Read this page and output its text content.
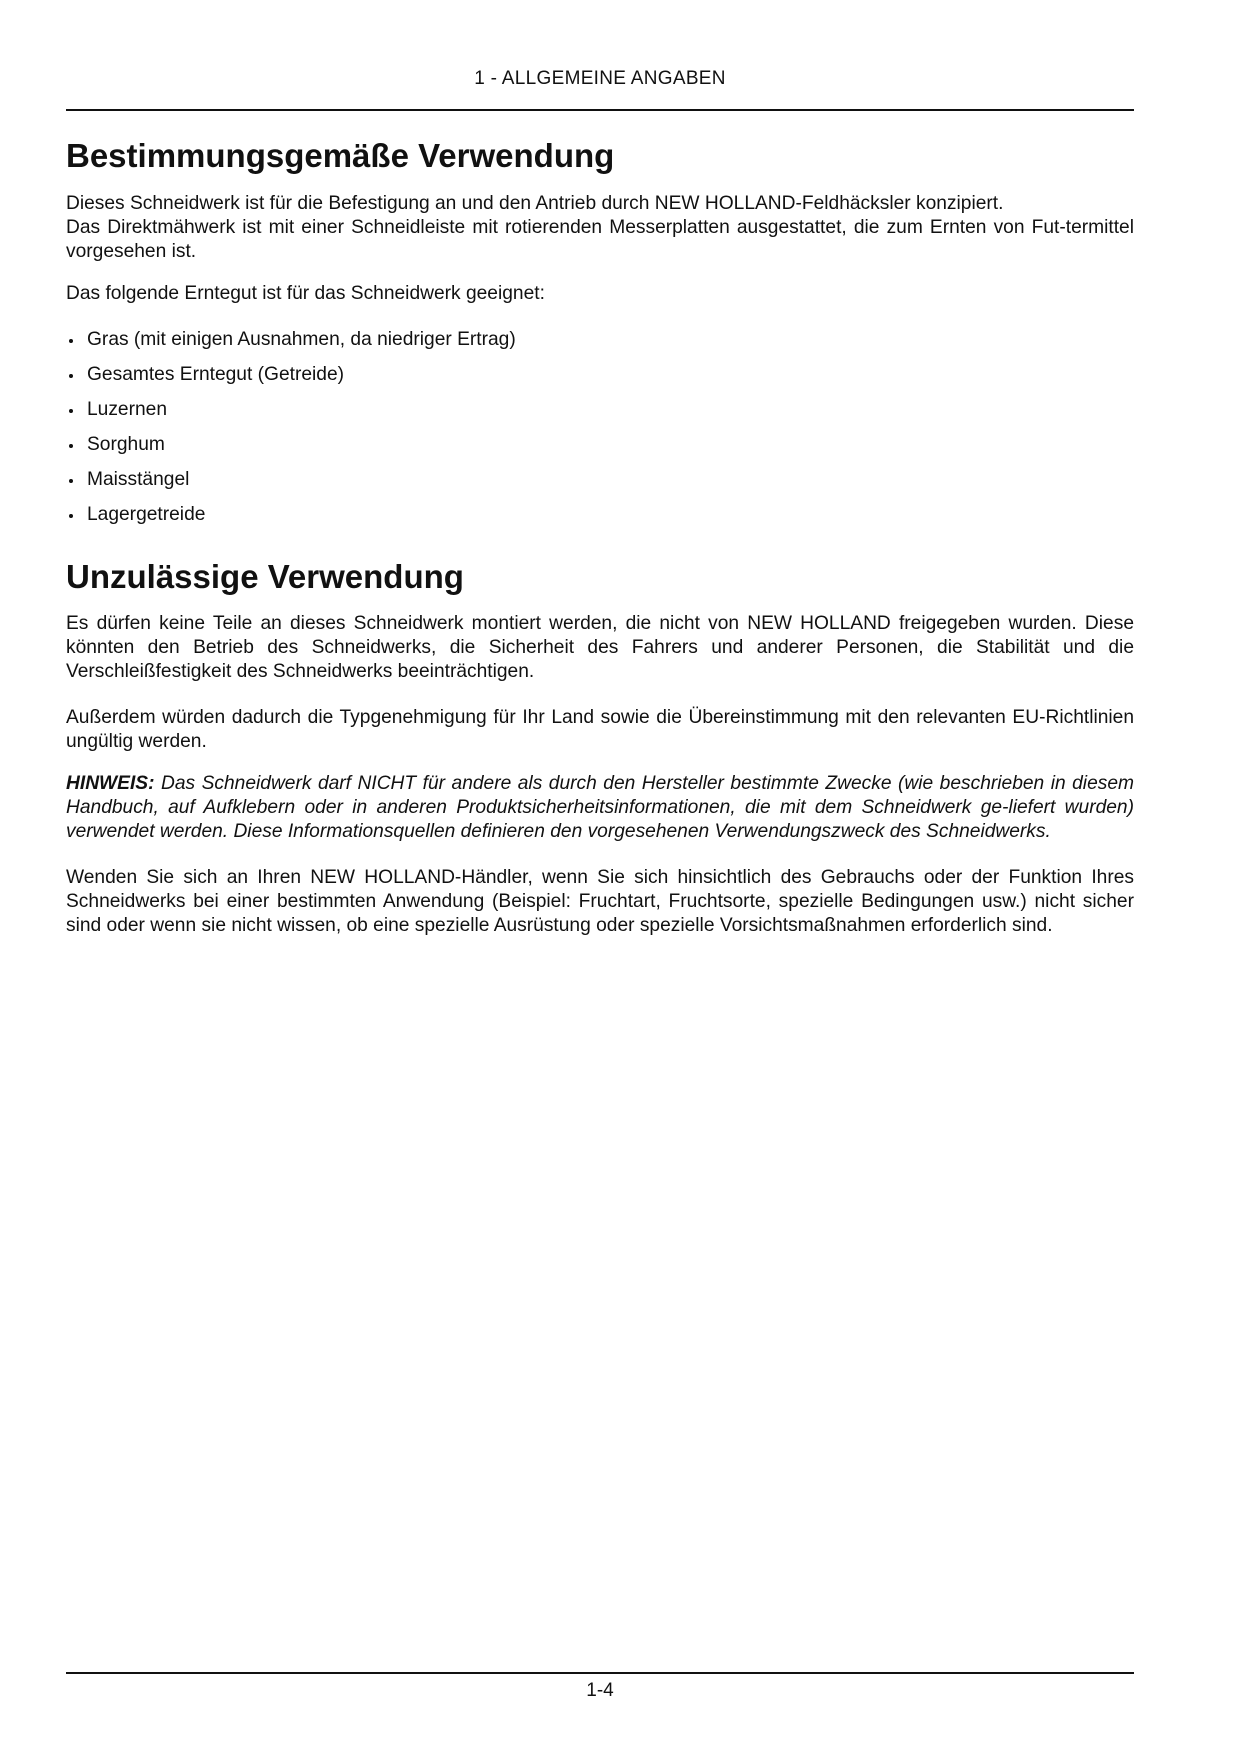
1 - ALLGEMEINE ANGABEN
Bestimmungsgemäße Verwendung

Dieses Schneidwerk ist für die Befestigung an und den Antrieb durch NEW HOLLAND-Feldhäcksler konzipiert.

Das Direktmähwerk ist mit einer Schneidleiste mit rotierenden Messerplatten ausgestattet, die zum Ernten von Fut-termittel vorgesehen ist.

Das folgende Erntegut ist für das Schneidwerk geeignet:

Gras (mit einigen Ausnahmen, da niedriger Ertrag)
Gesamtes Erntegut (Getreide)
Luzernen
Sorghum
Maisstängel
Lagergetreide
Unzulässige Verwendung

Es dürfen keine Teile an dieses Schneidwerk montiert werden, die nicht von NEW HOLLAND freigegeben wurden. Diese könnten den Betrieb des Schneidwerks, die Sicherheit des Fahrers und anderer Personen, die Stabilität und die Verschleißfestigkeit des Schneidwerks beeinträchtigen.

Außerdem würden dadurch die Typgenehmigung für Ihr Land sowie die Übereinstimmung mit den relevanten EU-Richtlinien ungültig werden.

HINWEIS: Das Schneidwerk darf NICHT für andere als durch den Hersteller bestimmte Zwecke (wie beschrieben in diesem Handbuch, auf Aufklebern oder in anderen Produktsicherheitsinformationen, die mit dem Schneidwerk ge-liefert wurden) verwendet werden. Diese Informationsquellen definieren den vorgesehenen Verwendungszweck des Schneidwerks.

Wenden Sie sich an Ihren NEW HOLLAND-Händler, wenn Sie sich hinsichtlich des Gebrauchs oder der Funktion Ihres Schneidwerks bei einer bestimmten Anwendung (Beispiel: Fruchtart, Fruchtsorte, spezielle Bedingungen usw.) nicht sicher sind oder wenn sie nicht wissen, ob eine spezielle Ausrüstung oder spezielle Vorsichtsmaßnahmen erforderlich sind.

1-4
